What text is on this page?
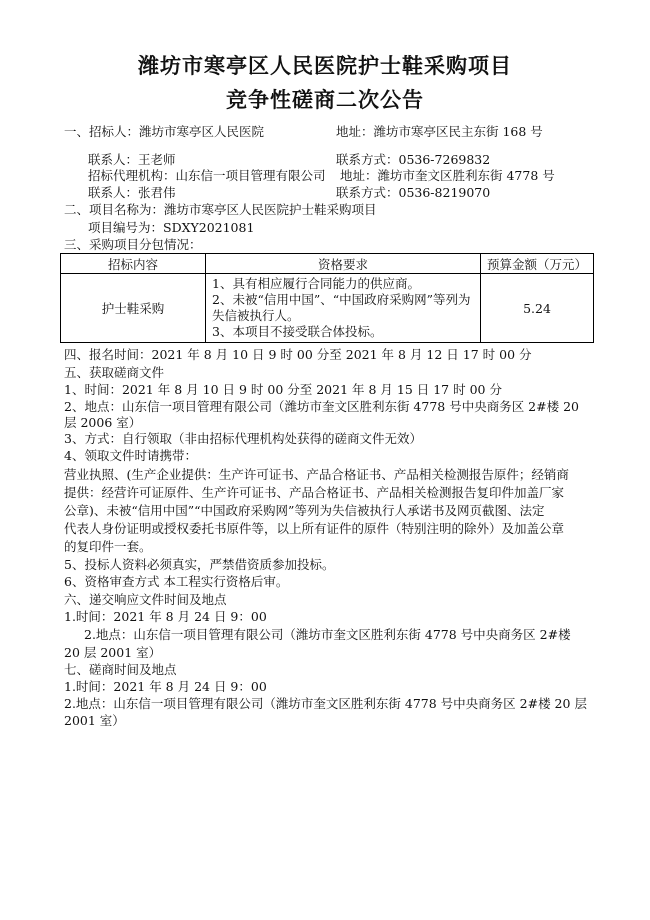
潍坊市寒亭区人民医院护士鞋采购项目
竞争性磋商二次公告
一、招标人：潍坊市寒亭区人民医院	地址：潍坊市寒亭区民主东街 168 号
联系人：王老师	联系方式：0536-7269832
招标代理机构：山东信一项目管理有限公司 地址：潍坊市奎文区胜利东街 4778 号
联系人：张君伟	联系方式：0536-8219070
二、项目名称为：潍坊市寒亭区人民医院护士鞋采购项目
项目编号为：SDXY2021081
三、采购项目分包情况：
招标内容	资格要求	预算金额（万元）
护士鞋采购	1、具有相应履行合同能力的供应商。
2、未被“信用中国”、“中国政府采购网”等列为失信被执行人。
3、本项目不接受联合体投标。	5.24
四、报名时间：2021 年 8 月 10 日 9 时 00 分至 2021 年 8 月 12 日 17 时 00 分
五、获取磋商文件
1、时间：2021 年 8 月 10 日 9 时 00 分至 2021 年 8 月 15 日 17 时 00 分
2、地点：山东信一项目管理有限公司（潍坊市奎文区胜利东街 4778 号中央商务区 2#楼 20
层 2006 室）
3、方式：自行领取（非由招标代理机构处获得的磋商文件无效）
4、领取文件时请携带：
营业执照、(生产企业提供：生产许可证书、产品合格证书、产品相关检测报告原件；经销商
提供：经营许可证原件、生产许可证书、产品合格证书、产品相关检测报告复印件加盖厂家
公章)、未被“信用中国”“中国政府采购网”等列为失信被执行人承诺书及网页截图、法定
代表人身份证明或授权委托书原件等，以上所有证件的原件（特别注明的除外）及加盖公章
的复印件一套。
5、投标人资料必须真实，严禁借资质参加投标。
6、资格审查方式 本工程实行资格后审。
六、递交响应文件时间及地点
1.时间：2021 年 8 月 24 日 9：00
2.地点：山东信一项目管理有限公司（潍坊市奎文区胜利东街 4778 号中央商务区 2#楼
20 层 2001 室）
七、磋商时间及地点
1.时间：2021 年 8 月 24 日 9：00
2.地点：山东信一项目管理有限公司（潍坊市奎文区胜利东街 4778 号中央商务区 2#楼 20 层
2001 室）
